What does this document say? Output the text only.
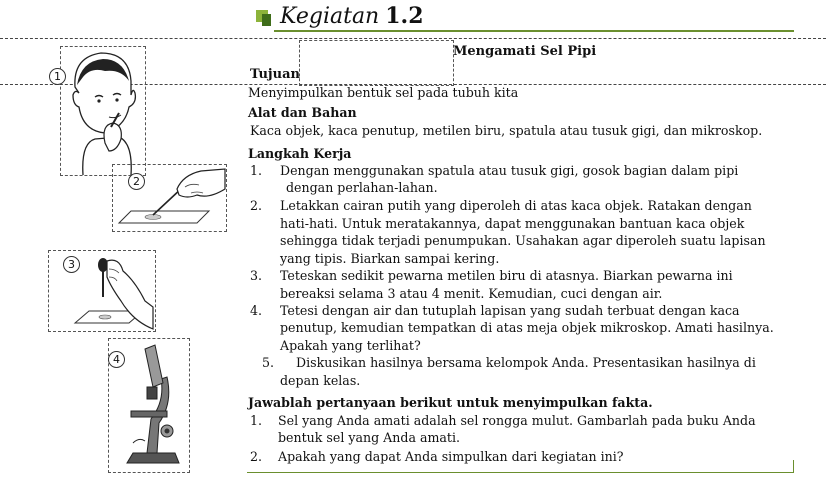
Kegiatan 1.2
Mengamati Sel Pipi
Tujuan
Menyimpulkan bentuk sel pada tubuh kita
Alat dan Bahan
Kaca objek, kaca penutup, metilen biru, spatula atau tusuk gigi, dan mikroskop.
Langkah Kerja
1. Dengan menggunakan spatula atau tusuk gigi, gosok bagian dalam pipi
dengan perlahan-lahan.
2. Letakkan cairan putih yang diperoleh di atas kaca objek. Ratakan dengan
hati-hati. Untuk meratakannya, dapat menggunakan bantuan kaca objek
sehingga tidak terjadi penumpukan. Usahakan agar diperoleh suatu lapisan
yang tipis. Biarkan sampai kering.
3. Teteskan sedikit pewarna metilen biru di atasnya. Biarkan pewarna ini
bereaksi selama 3 atau 4 menit. Kemudian, cuci dengan air.
4. Tetesi dengan air dan tutuplah lapisan yang sudah terbuat dengan kaca
penutup, kemudian tempatkan di atas meja objek mikroskop. Amati hasilnya.
Apakah yang terlihat?
5. Diskusikan hasilnya bersama kelompok Anda. Presentasikan hasilnya di
depan kelas.
Jawablah pertanyaan berikut untuk menyimpulkan fakta.
1. Sel yang Anda amati adalah sel rongga mulut. Gambarlah pada buku Anda
bentuk sel yang Anda amati.
2. Apakah yang dapat Anda simpulkan dari kegiatan ini?
1
2
3
4
